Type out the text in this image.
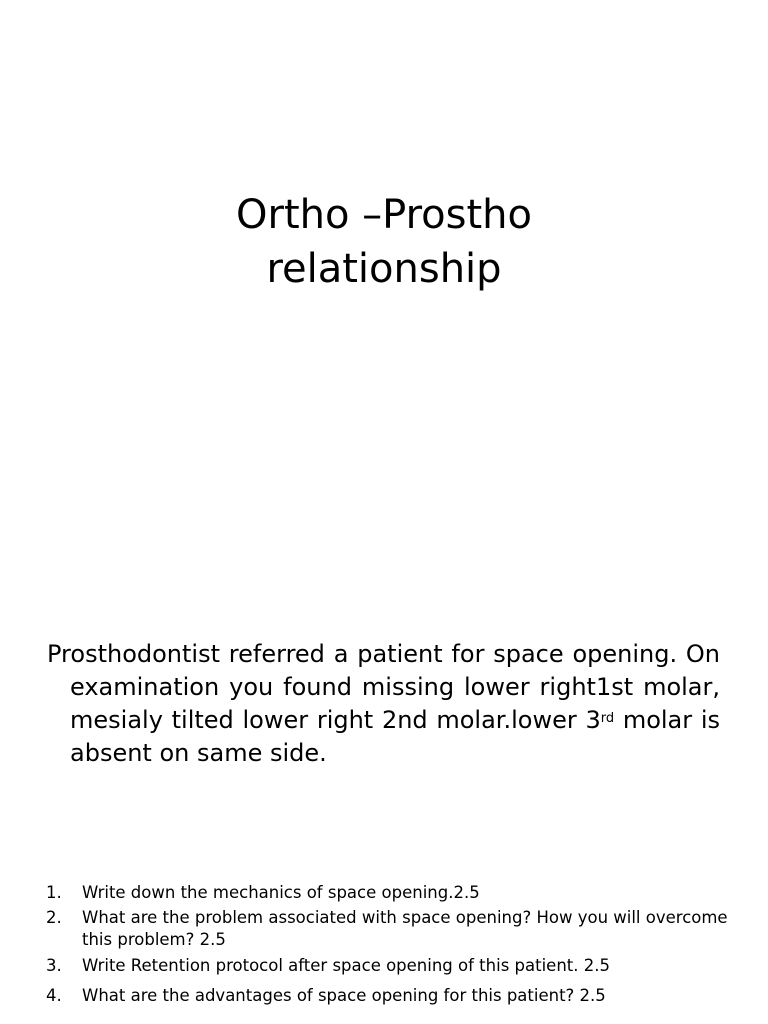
Ortho –Prostho
relationship

Prosthodontist referred a patient for space opening. On examination you found missing lower right1st molar, mesialy tilted lower right 2nd molar.lower 3rd molar is absent on same side.

1. Write down the mechanics of space opening.2.5
2. What are the problem associated with space opening? How you will overcome this problem? 2.5
3. Write Retention protocol after space opening of this patient. 2.5
4. What are the advantages of space opening for this patient? 2.5
